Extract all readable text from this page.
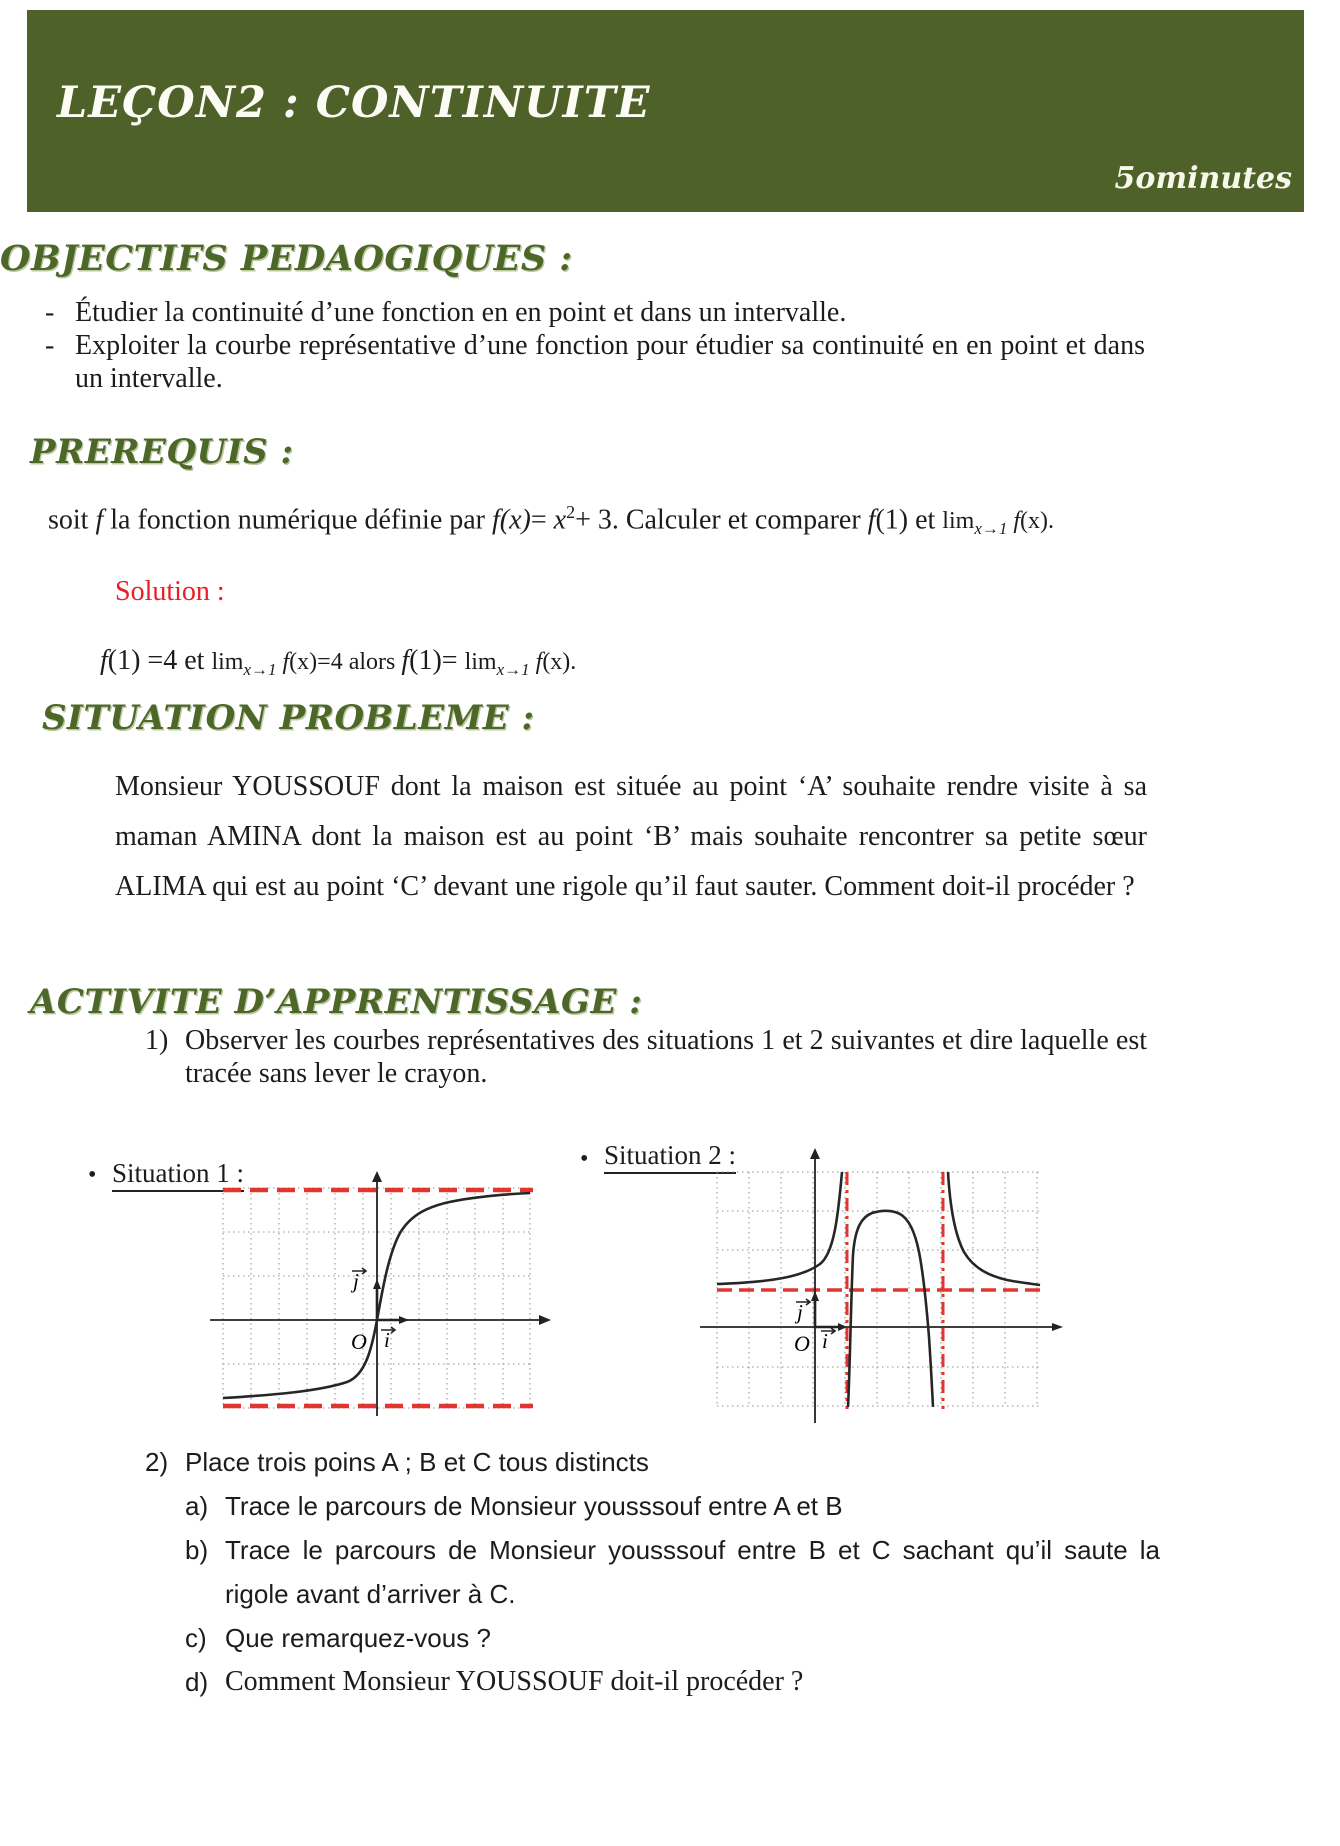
LEÇON2 : CONTINUITE
5ominutes
OBJECTIFS PEDAOGIQUES :
- Étudier la continuité d’une fonction en en point et dans un intervalle.
- Exploiter la courbe représentative d’une fonction pour étudier sa continuité en en point et dans un intervalle.
PREREQUIS :
soit f la fonction numérique définie par $f(x)= x^2+ 3$. Calculer et comparer f(1) et $\lim_{x\to 1} f(x)$.
Solution :
f(1) =4 et $\lim_{x\to 1} f(x)=4$ alors $f(1)= \lim_{x\to 1} f(x)$.
SITUATION PROBLEME :
Monsieur YOUSSOUF dont la maison est située au point ‘A’ souhaite rendre visite à sa maman AMINA dont la maison est au point ‘B’ mais souhaite rencontrer sa petite sœur ALIMA qui est au point ‘C’ devant une rigole qu’il faut sauter. Comment doit-il procéder ?
ACTIVITE D’APPRENTISSAGE :
1) Observer les courbes représentatives des situations 1 et 2 suivantes et dire laquelle est tracée sans lever le crayon.
• Situation 1 :
j
O i
• Situation 2 :
j
O i
2) Place trois poins A ; B et C tous distincts
a) Trace le parcours de Monsieur yousssouf entre A et B
b) Trace le parcours de Monsieur yousssouf entre B et C sachant qu’il saute la rigole avant d’arriver à C.
c) Que remarquez-vous ?
d) Comment Monsieur YOUSSOUF doit-il procéder ?
